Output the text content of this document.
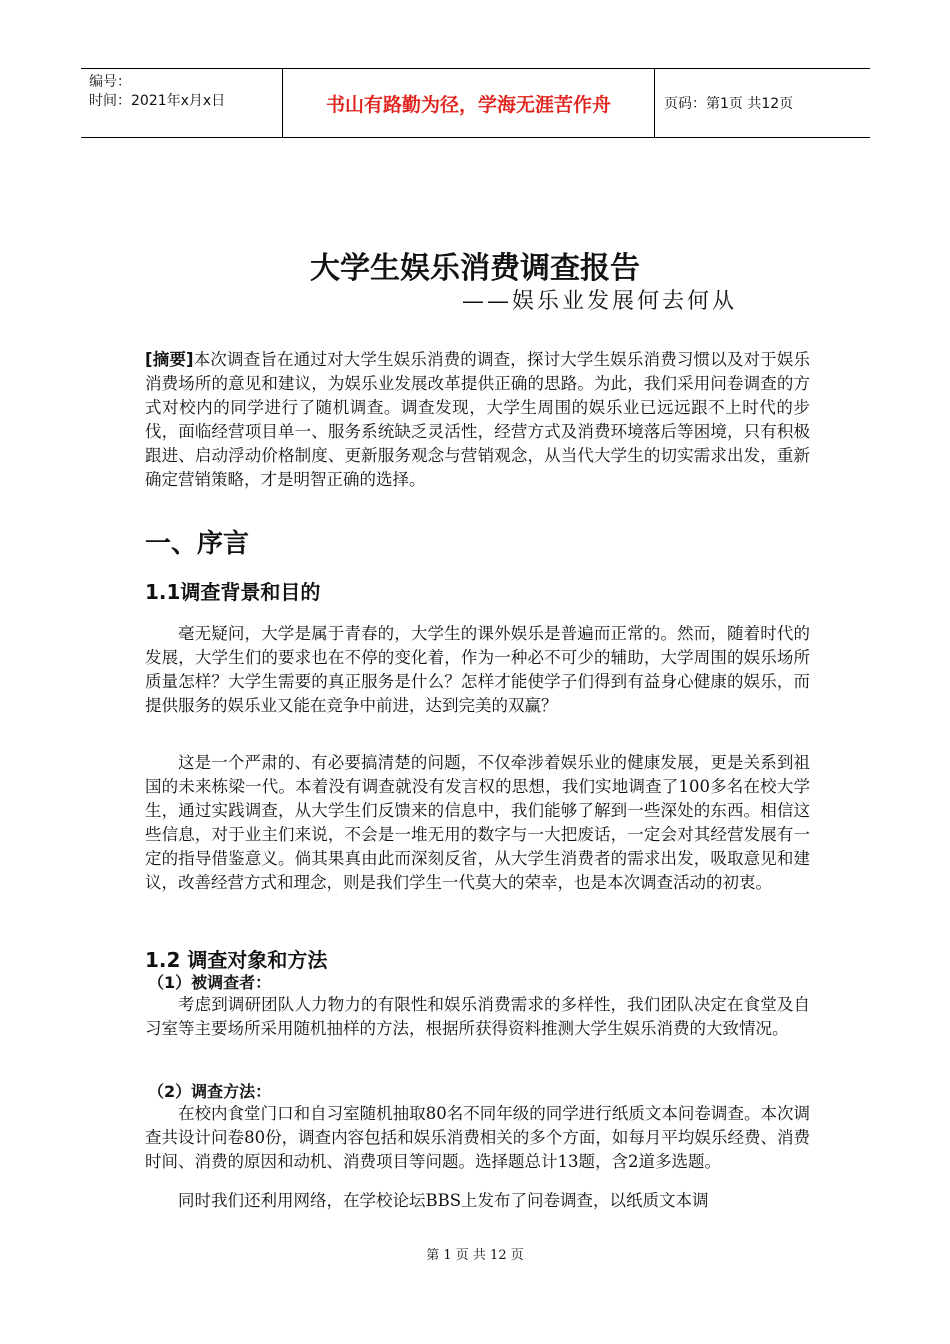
编号：
时间：2021年x月x日	书山有路勤为径，学海无涯苦作舟	页码：第1页 共12页
大学生娱乐消费调查报告
——娱乐业发展何去何从

[摘要]本次调查旨在通过对大学生娱乐消费的调查，探讨大学生娱乐消费习惯以及对于娱乐消费场所的意见和建议，为娱乐业发展改革提供正确的思路。为此，我们采用问卷调查的方式对校内的同学进行了随机调查。调查发现，大学生周围的娱乐业已远远跟不上时代的步伐，面临经营项目单一、服务系统缺乏灵活性，经营方式及消费环境落后等困境，只有积极跟进、启动浮动价格制度、更新服务观念与营销观念，从当代大学生的切实需求出发，重新确定营销策略，才是明智正确的选择。

一、序言
1.1调查背景和目的

毫无疑问，大学是属于青春的，大学生的课外娱乐是普遍而正常的。然而，随着时代的发展，大学生们的要求也在不停的变化着，作为一种必不可少的辅助，大学周围的娱乐场所质量怎样？大学生需要的真正服务是什么？怎样才能使学子们得到有益身心健康的娱乐，而提供服务的娱乐业又能在竞争中前进，达到完美的双赢？

这是一个严肃的、有必要搞清楚的问题，不仅牵涉着娱乐业的健康发展，更是关系到祖国的未来栋梁一代。本着没有调查就没有发言权的思想，我们实地调查了100多名在校大学生，通过实践调查，从大学生们反馈来的信息中，我们能够了解到一些深处的东西。相信这些信息，对于业主们来说，不会是一堆无用的数字与一大把废话，一定会对其经营发展有一定的指导借鉴意义。倘其果真由此而深刻反省，从大学生消费者的需求出发，吸取意见和建议，改善经营方式和理念，则是我们学生一代莫大的荣幸，也是本次调查活动的初衷。

1.2 调查对象和方法
（1）被调查者：

考虑到调研团队人力物力的有限性和娱乐消费需求的多样性，我们团队决定在食堂及自习室等主要场所采用随机抽样的方法，根据所获得资料推测大学生娱乐消费的大致情况。

（2）调查方法：

在校内食堂门口和自习室随机抽取80名不同年级的同学进行纸质文本问卷调查。本次调查共设计问卷80份，调查内容包括和娱乐消费相关的多个方面，如每月平均娱乐经费、消费时间、消费的原因和动机、消费项目等问题。选择题总计13题，含2道多选题。

同时我们还利用网络，在学校论坛BBS上发布了问卷调查，以纸质文本调

第 1 页 共 12 页
